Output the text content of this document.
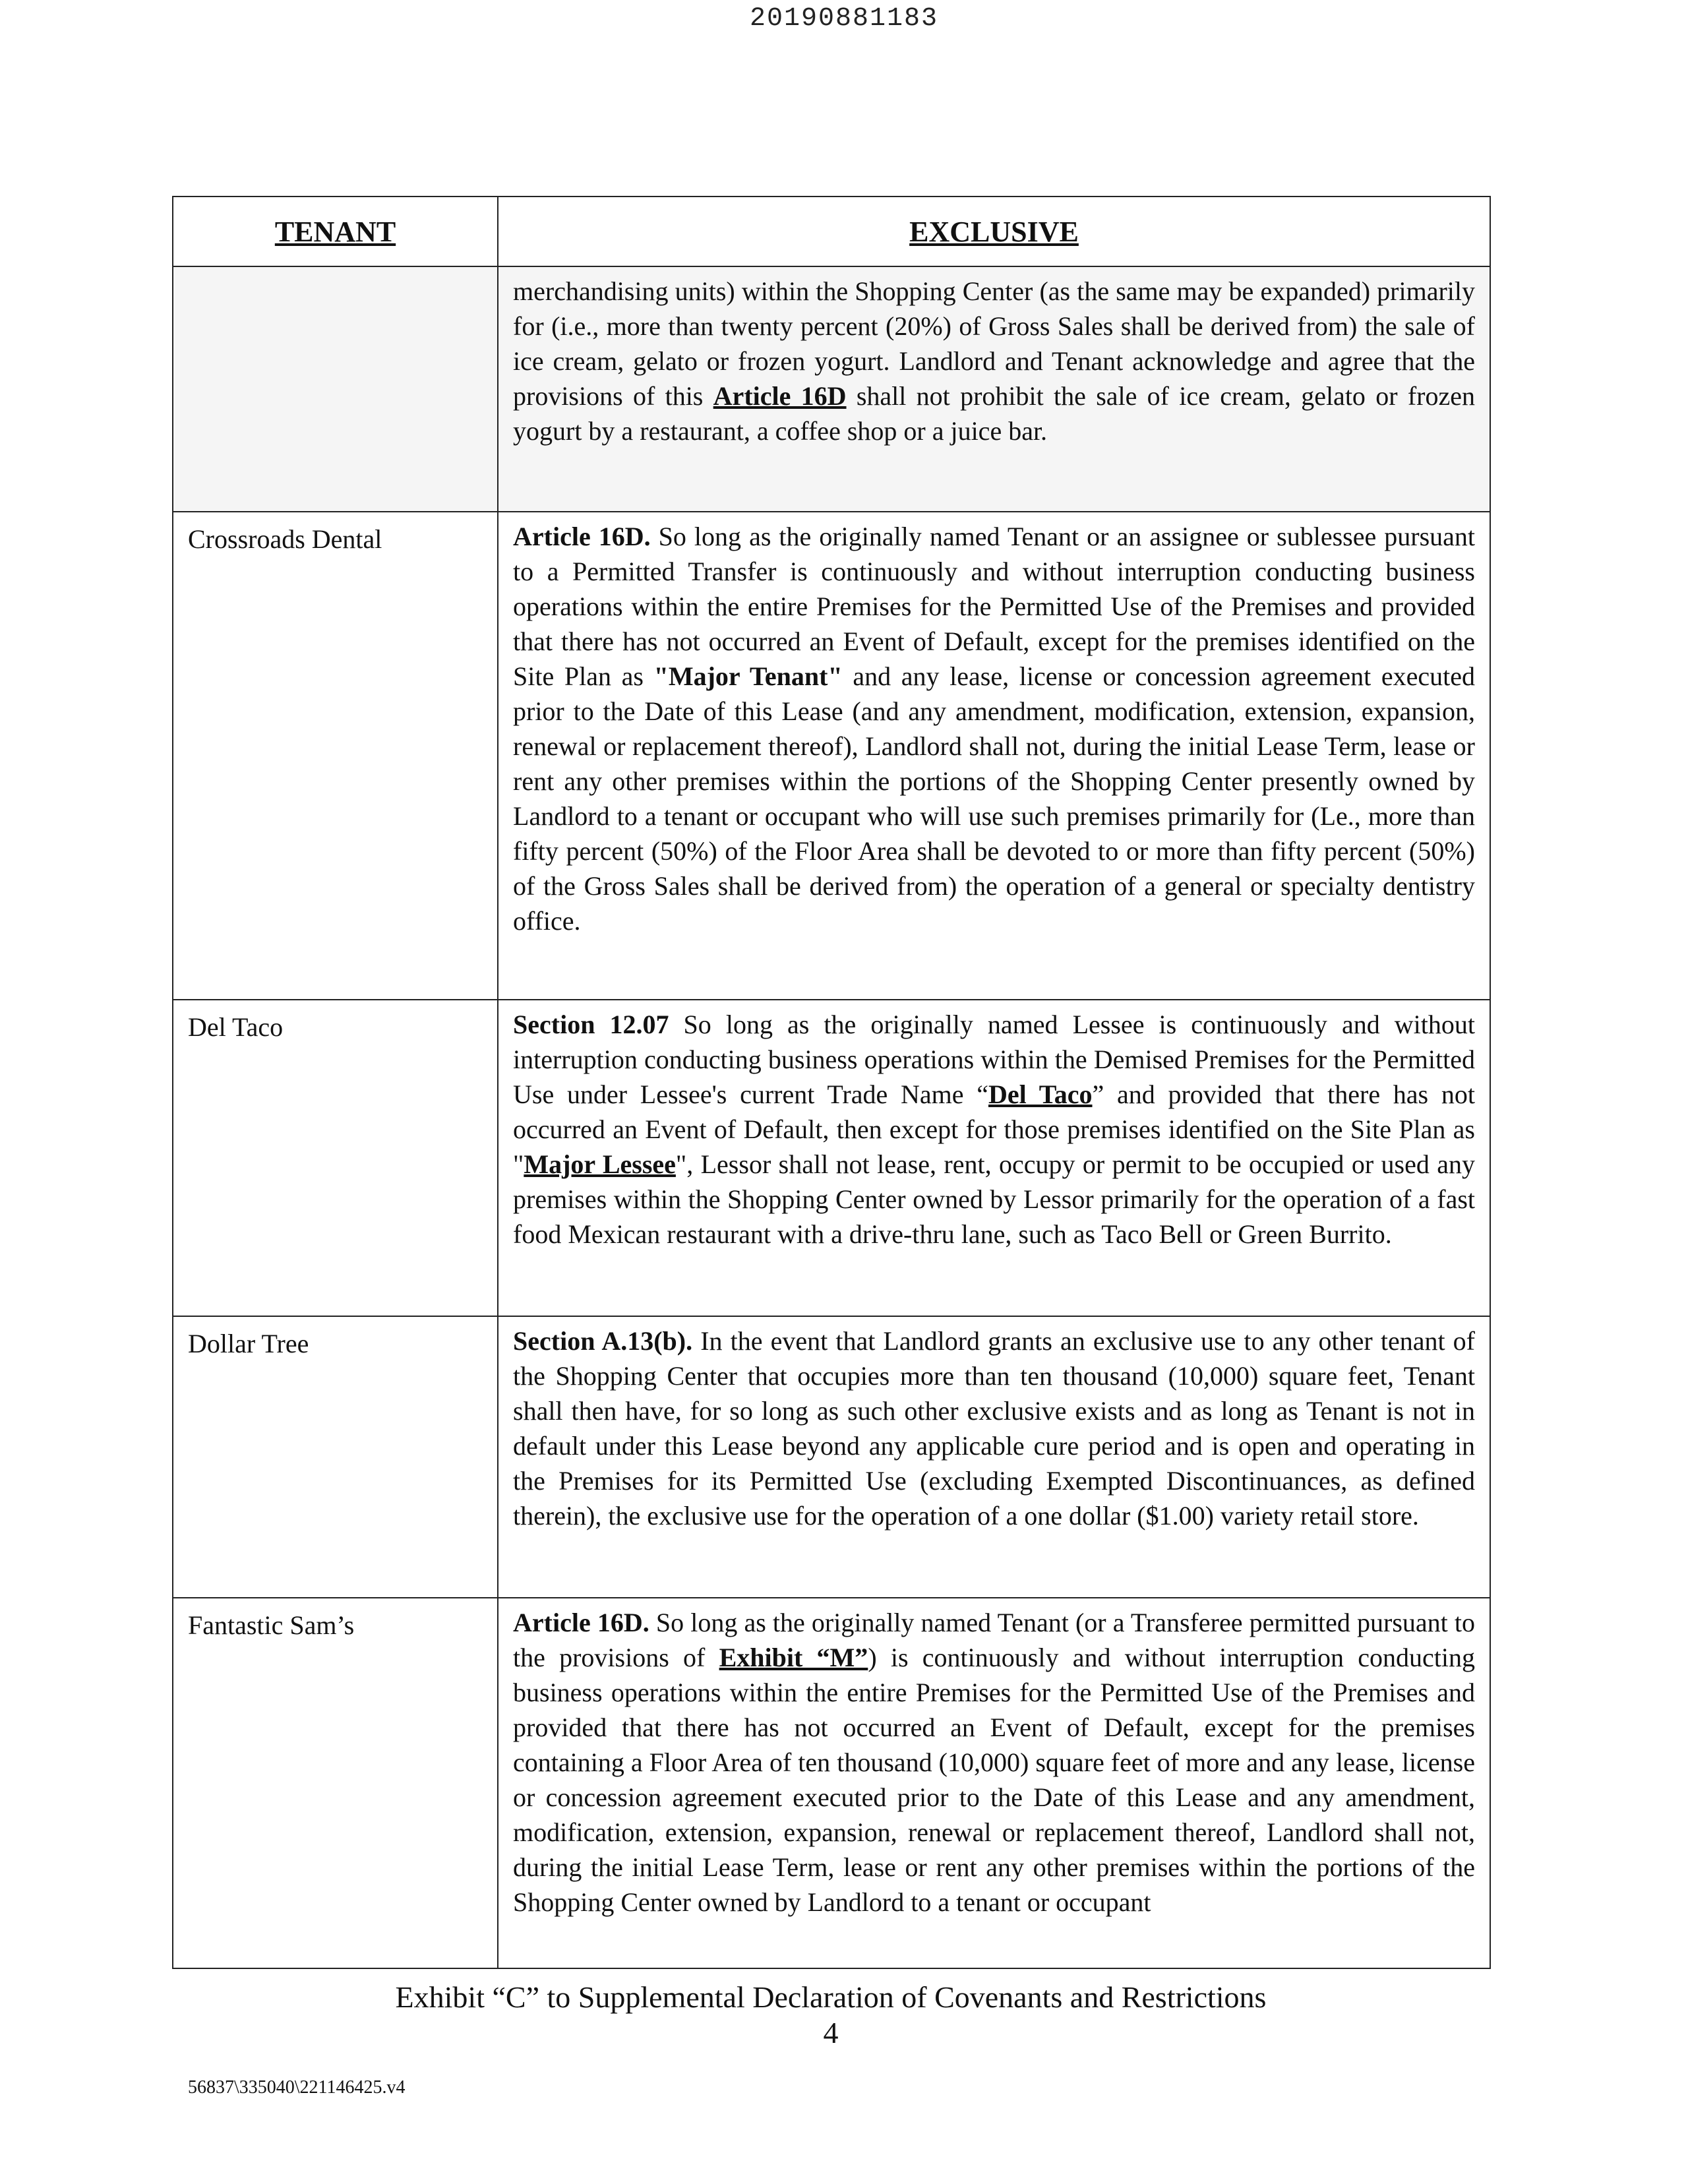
20190881183
TENANT	EXCLUSIVE
	merchandising units) within the Shopping Center (as the same may be expanded) primarily for (i.e., more than twenty percent (20%) of Gross Sales shall be derived from) the sale of ice cream, gelato or frozen yogurt. Landlord and Tenant acknowledge and agree that the provisions of this Article 16D shall not prohibit the sale of ice cream, gelato or frozen yogurt by a restaurant, a coffee shop or a juice bar.
Crossroads Dental	Article 16D. So long as the originally named Tenant or an assignee or sublessee pursuant to a Permitted Transfer is continuously and without interruption conducting business operations within the entire Premises for the Permitted Use of the Premises and provided that there has not occurred an Event of Default, except for the premises identified on the Site Plan as "Major Tenant" and any lease, license or concession agreement executed prior to the Date of this Lease (and any amendment, modification, extension, expansion, renewal or replacement thereof), Landlord shall not, during the initial Lease Term, lease or rent any other premises within the portions of the Shopping Center presently owned by Landlord to a tenant or occupant who will use such premises primarily for (Le., more than fifty percent (50%) of the Floor Area shall be devoted to or more than fifty percent (50%) of the Gross Sales shall be derived from) the operation of a general or specialty dentistry office.
Del Taco	Section 12.07 So long as the originally named Lessee is continuously and without interruption conducting business operations within the Demised Premises for the Permitted Use under Lessee's current Trade Name “Del Taco” and provided that there has not occurred an Event of Default, then except for those premises identified on the Site Plan as "Major Lessee", Lessor shall not lease, rent, occupy or permit to be occupied or used any premises within the Shopping Center owned by Lessor primarily for the operation of a fast food Mexican restaurant with a drive-thru lane, such as Taco Bell or Green Burrito.
Dollar Tree	Section A.13(b). In the event that Landlord grants an exclusive use to any other tenant of the Shopping Center that occupies more than ten thousand (10,000) square feet, Tenant shall then have, for so long as such other exclusive exists and as long as Tenant is not in default under this Lease beyond any applicable cure period and is open and operating in the Premises for its Permitted Use (excluding Exempted Discontinuances, as defined therein), the exclusive use for the operation of a one dollar ($1.00) variety retail store.
Fantastic Sam’s	Article 16D. So long as the originally named Tenant (or a Transferee permitted pursuant to the provisions of Exhibit “M”) is continuously and without interruption conducting business operations within the entire Premises for the Permitted Use of the Premises and provided that there has not occurred an Event of Default, except for the premises containing a Floor Area of ten thousand (10,000) square feet of more and any lease, license or concession agreement executed prior to the Date of this Lease and any amendment, modification, extension, expansion, renewal or replacement thereof, Landlord shall not, during the initial Lease Term, lease or rent any other premises within the portions of the Shopping Center owned by Landlord to a tenant or occupant
Exhibit “C” to Supplemental Declaration of Covenants and Restrictions
4
56837\335040\221146425.v4
